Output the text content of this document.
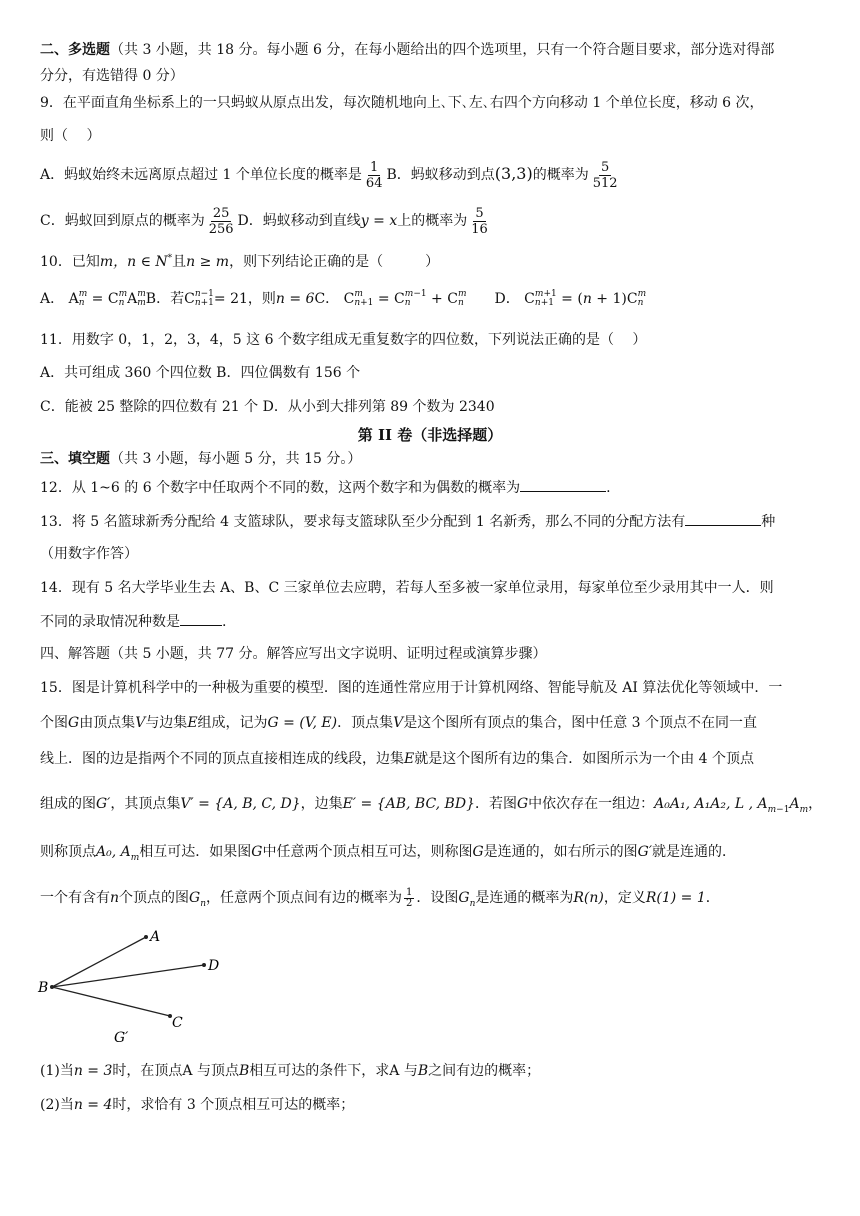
二、多选题（共 3 小题，共 18 分。每小题 6 分，在每小题给出的四个选项里，只有一个符合题目要求，部分选对得部
分分，有选错得 0 分）
9．在平面直角坐标系上的一只蚂蚁从原点出发，每次随机地向上､下､左､右四个方向移动 1 个单位长度，移动 6 次，
则（　 ）
A．蚂蚁始终未远离原点超过 1 个单位长度的概率是 $\frac{1}{64}$ B．蚂蚁移动到点(3,3)的概率为 $\frac{5}{512}$
C．蚂蚁回到原点的概率为 $\frac{25}{256}$ D．蚂蚁移动到直线y = x上的概率为 $\frac{5}{16}$
10．已知m，n ∈ N*且n ≥ m，则下列结论正确的是（　　　）
A． Am
n = Cm
n Am
mB．若Cn−1
n+1= 21，则n = 6C． Cm
n+1 = Cm−1
n + Cm
n D． Cm+1
n+1 = (n + 1)Cm
n
11．用数字 0，1，2，3，4，5 这 6 个数字组成无重复数字的四位数，下列说法正确的是（　 ）
A．共可组成 360 个四位数 B．四位偶数有 156 个
C．能被 25 整除的四位数有 21 个 D．从小到大排列第 89 个数为 2340
第 II 卷（非选择题）
三、填空题（共 3 小题，每小题 5 分，共 15 分。）
12．从 1~6 的 6 个数字中任取两个不同的数，这两个数字和为偶数的概率为	.
13．将 5 名篮球新秀分配给 4 支篮球队，要求每支篮球队至少分配到 1 名新秀，那么不同的分配方法有	种
（用数字作答）
14．现有 5 名大学毕业生去 A、B、C 三家单位去应聘，若每人至多被一家单位录用，每家单位至少录用其中一人．则
不同的录取情况种数是	.
四、解答题（共 5 小题，共 77 分。解答应写出文字说明、证明过程或演算步骤）
15．图是计算机科学中的一种极为重要的模型．图的连通性常应用于计算机网络、智能导航及 AI 算法优化等领域中．一
个图G由顶点集V与边集E组成，记为G = (V, E)．顶点集V是这个图所有顶点的集合，图中任意 3 个顶点不在同一直
线上．图的边是指两个不同的顶点直接相连成的线段，边集E就是这个图所有边的集合．如图所示为一个由 4 个顶点
组成的图G′，其顶点集V′ = {A, B, C, D}，边集E′ = {AB, BC, BD}．若图G中依次存在一组边：A₀A₁, A₁A₂, L , $A_{m-1}A_m$，
则称顶点A₀, $A_m$相互可达．如果图G中任意两个顶点相互可达，则称图G是连通的，如右所示的图G′就是连通的．
一个有含有n个顶点的图$G_n$，任意两个顶点间有边的概率为 $\frac{1}{2}$ ．设图$G_n$是连通的概率为R(n)，定义R(1) = 1．
A
B
C
D
G′
(1)当n = 3时，在顶点A 与顶点B相互可达的条件下，求A 与B之间有边的概率；
(2)当n = 4时，求恰有 3 个顶点相互可达的概率；
